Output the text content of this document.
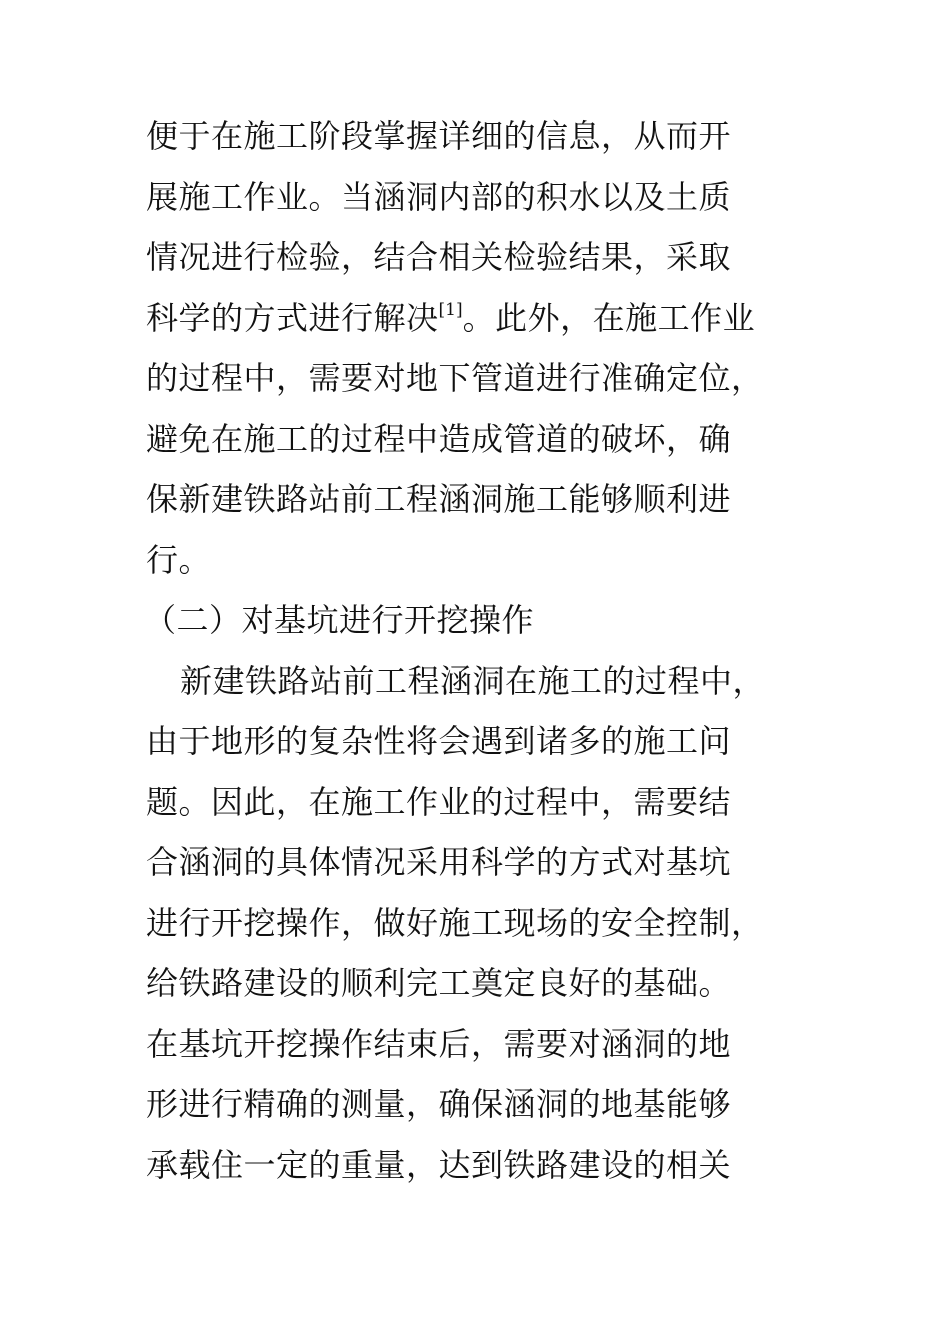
便于在施工阶段掌握详细的信息，从而开
展施工作业。当涵洞内部的积水以及土质
情况进行检验，结合相关检验结果，采取
科学的方式进行解决[1]。此外，在施工作业
的过程中，需要对地下管道进行准确定位，
避免在施工的过程中造成管道的破坏，确
保新建铁路站前工程涵洞施工能够顺利进
行。
（二）对基坑进行开挖操作
新建铁路站前工程涵洞在施工的过程中，
由于地形的复杂性将会遇到诸多的施工问
题。因此，在施工作业的过程中，需要结
合涵洞的具体情况采用科学的方式对基坑
进行开挖操作，做好施工现场的安全控制，
给铁路建设的顺利完工奠定良好的基础。
在基坑开挖操作结束后，需要对涵洞的地
形进行精确的测量，确保涵洞的地基能够
承载住一定的重量，达到铁路建设的相关
